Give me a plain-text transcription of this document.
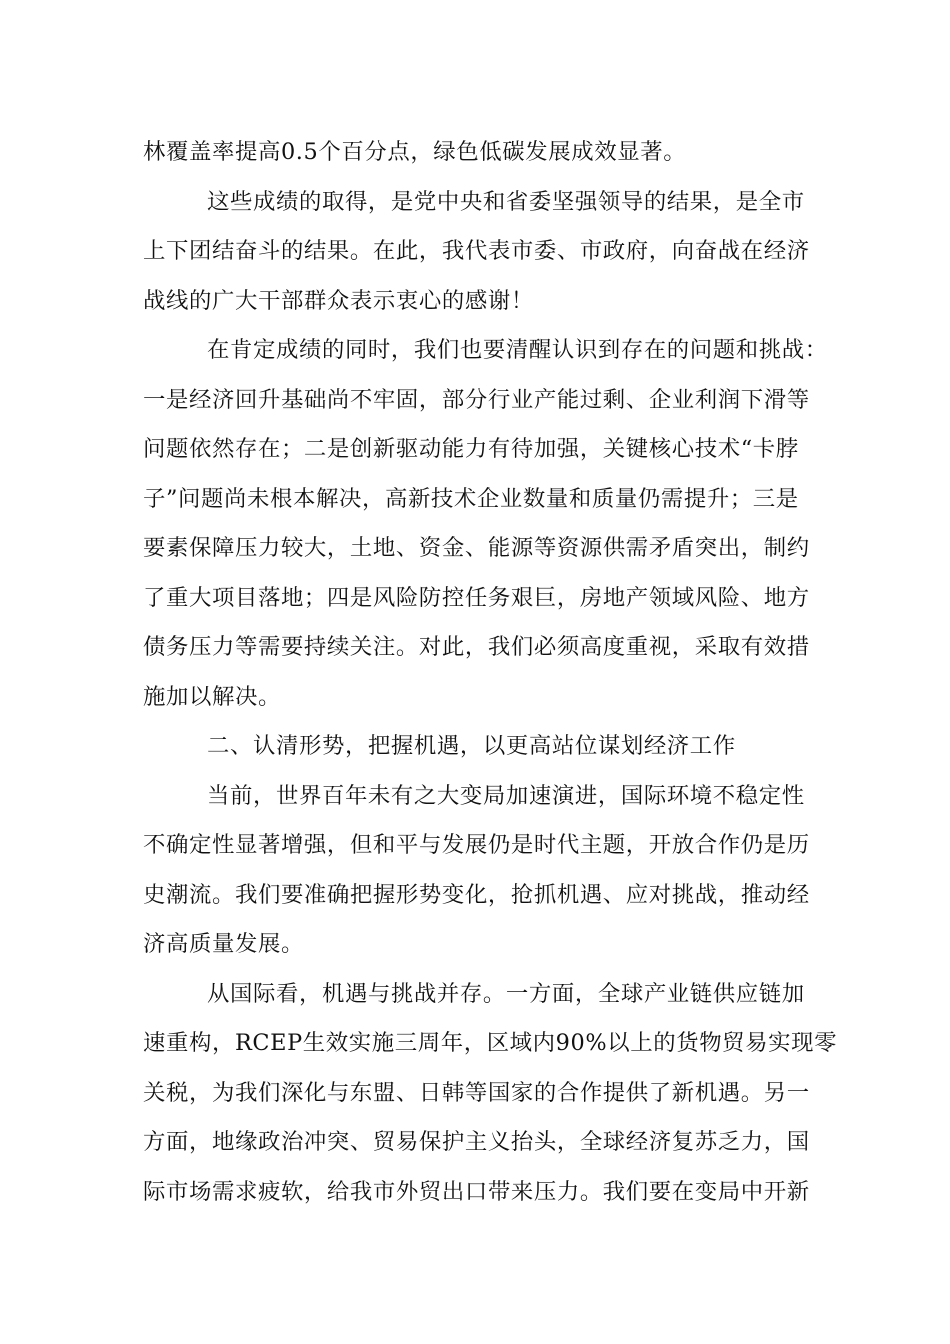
林覆盖率提高0.5个百分点，绿色低碳发展成效显著。
这些成绩的取得，是党中央和省委坚强领导的结果，是全市
上下团结奋斗的结果。在此，我代表市委、市政府，向奋战在经济
战线的广大干部群众表示衷心的感谢！
在肯定成绩的同时，我们也要清醒认识到存在的问题和挑战：
一是经济回升基础尚不牢固，部分行业产能过剩、企业利润下滑等
问题依然存在；二是创新驱动能力有待加强，关键核心技术“卡脖
子”问题尚未根本解决，高新技术企业数量和质量仍需提升；三是
要素保障压力较大，土地、资金、能源等资源供需矛盾突出，制约
了重大项目落地；四是风险防控任务艰巨，房地产领域风险、地方
债务压力等需要持续关注。对此，我们必须高度重视，采取有效措
施加以解决。
二、认清形势，把握机遇，以更高站位谋划经济工作
当前，世界百年未有之大变局加速演进，国际环境不稳定性
不确定性显著增强，但和平与发展仍是时代主题，开放合作仍是历
史潮流。我们要准确把握形势变化，抢抓机遇、应对挑战，推动经
济高质量发展。
从国际看，机遇与挑战并存。一方面，全球产业链供应链加
速重构，RCEP生效实施三周年，区域内90%以上的货物贸易实现零
关税，为我们深化与东盟、日韩等国家的合作提供了新机遇。另一
方面，地缘政治冲突、贸易保护主义抬头，全球经济复苏乏力，国
际市场需求疲软，给我市外贸出口带来压力。我们要在变局中开新
